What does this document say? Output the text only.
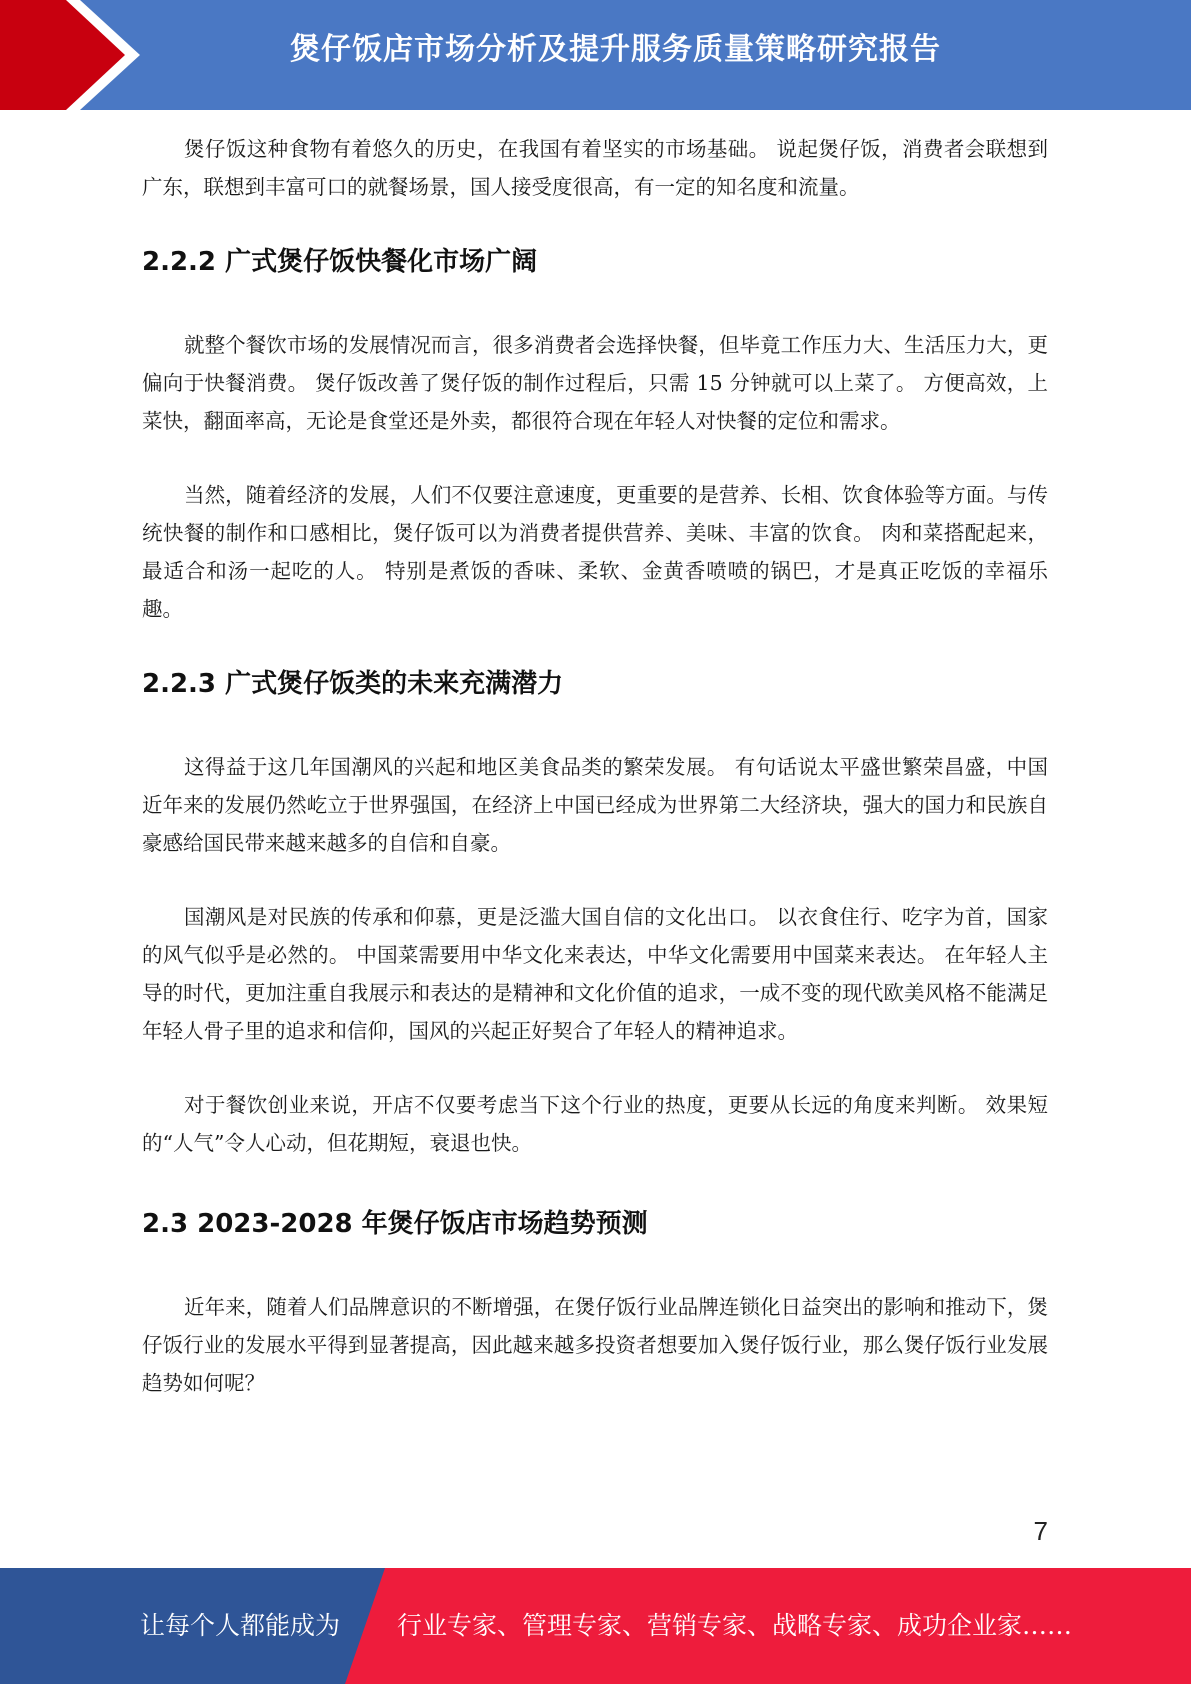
煲仔饭店市场分析及提升服务质量策略研究报告

煲仔饭这种食物有着悠久的历史，在我国有着坚实的市场基础。 说起煲仔饭，消费者会联想到广东，联想到丰富可口的就餐场景，国人接受度很高，有一定的知名度和流量。

2.2.2 广式煲仔饭快餐化市场广阔

就整个餐饮市场的发展情况而言，很多消费者会选择快餐，但毕竟工作压力大、生活压力大，更偏向于快餐消费。 煲仔饭改善了煲仔饭的制作过程后，只需 15 分钟就可以上菜了。 方便高效，上菜快，翻面率高，无论是食堂还是外卖，都很符合现在年轻人对快餐的定位和需求。

当然，随着经济的发展，人们不仅要注意速度，更重要的是营养、长相、饮食体验等方面。与传统快餐的制作和口感相比，煲仔饭可以为消费者提供营养、美味、丰富的饮食。 肉和菜搭配起来，最适合和汤一起吃的人。 特别是煮饭的香味、柔软、金黄香喷喷的锅巴，才是真正吃饭的幸福乐趣。

2.2.3 广式煲仔饭类的未来充满潜力

这得益于这几年国潮风的兴起和地区美食品类的繁荣发展。 有句话说太平盛世繁荣昌盛，中国近年来的发展仍然屹立于世界强国，在经济上中国已经成为世界第二大经济块，强大的国力和民族自豪感给国民带来越来越多的自信和自豪。

国潮风是对民族的传承和仰慕，更是泛滥大国自信的文化出口。 以衣食住行、吃字为首，国家的风气似乎是必然的。 中国菜需要用中华文化来表达，中华文化需要用中国菜来表达。 在年轻人主导的时代，更加注重自我展示和表达的是精神和文化价值的追求，一成不变的现代欧美风格不能满足年轻人骨子里的追求和信仰，国风的兴起正好契合了年轻人的精神追求。

对于餐饮创业来说，开店不仅要考虑当下这个行业的热度，更要从长远的角度来判断。 效果短的“人气”令人心动，但花期短，衰退也快。

2.3 2023-2028 年煲仔饭店市场趋势预测

近年来，随着人们品牌意识的不断增强，在煲仔饭行业品牌连锁化日益突出的影响和推动下，煲仔饭行业的发展水平得到显著提高，因此越来越多投资者想要加入煲仔饭行业，那么煲仔饭行业发展趋势如何呢？

7
让每个人都能成为 行业专家、管理专家、营销专家、战略专家、成功企业家……
